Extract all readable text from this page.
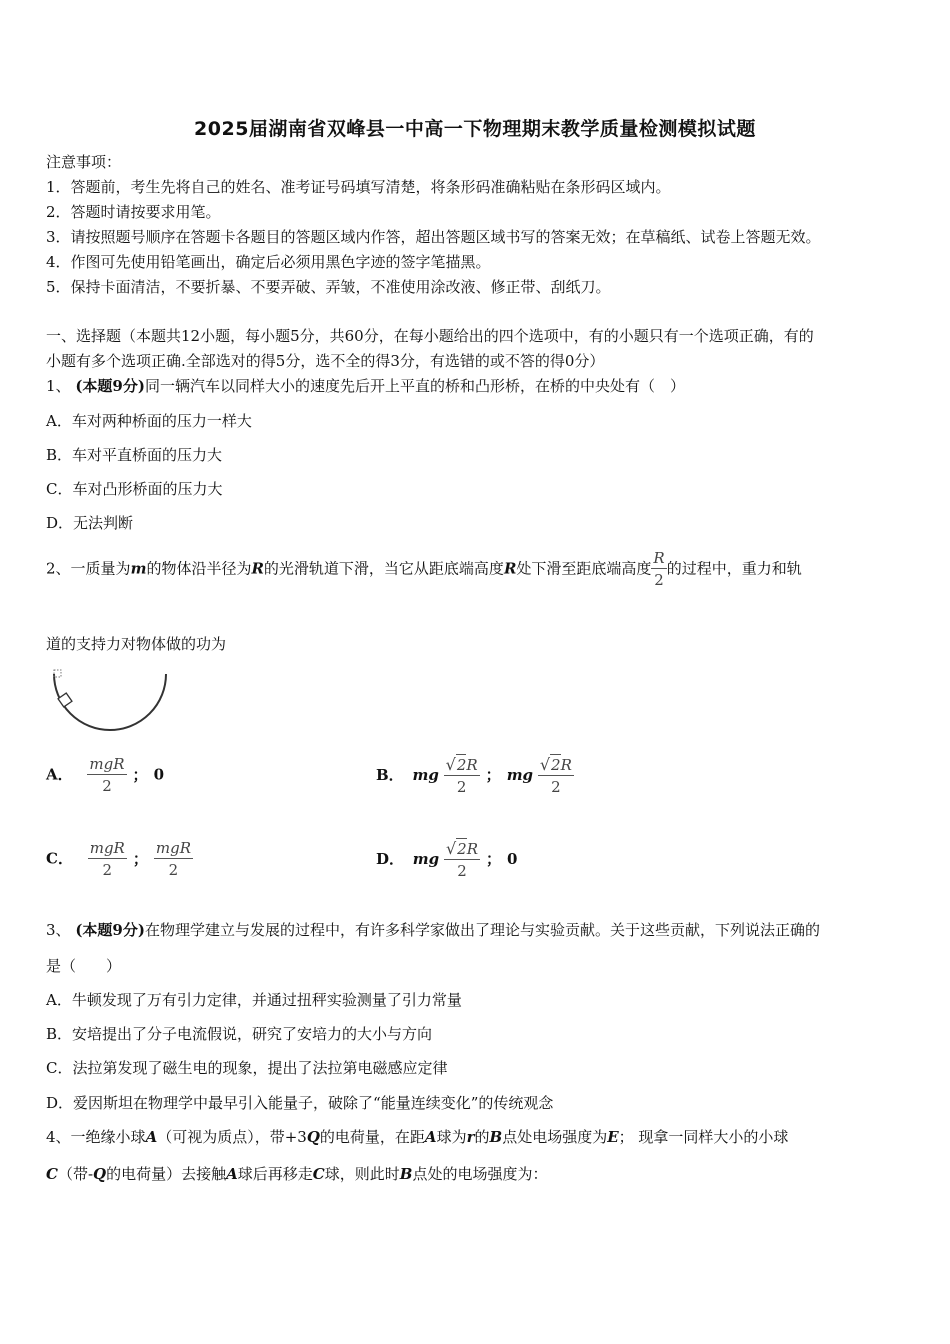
2025届湖南省双峰县一中高一下物理期末教学质量检测模拟试题
注意事项：
1．答题前，考生先将自己的姓名、准考证号码填写清楚，将条形码准确粘贴在条形码区域内。
2．答题时请按要求用笔。
3．请按照题号顺序在答题卡各题目的答题区域内作答，超出答题区域书写的答案无效；在草稿纸、试卷上答题无效。
4．作图可先使用铅笔画出，确定后必须用黑色字迹的签字笔描黑。
5．保持卡面清洁，不要折暴、不要弄破、弄皱，不准使用涂改液、修正带、刮纸刀。
一、选择题（本题共12小题，每小题5分，共60分，在每小题给出的四个选项中，有的小题只有一个选项正确，有的
小题有多个选项正确.全部选对的得5分，选不全的得3分，有选错的或不答的得0分）
1、 (本题9分)同一辆汽车以同样大小的速度先后开上平直的桥和凸形桥，在桥的中央处有（　）
A．车对两种桥面的压力一样大
B．车对平直桥面的压力大
C．车对凸形桥面的压力大
D．无法判断
2、一质量为m的物体沿半径为R的光滑轨道下滑，当它从距底端高度R处下滑至距底端高度 $\frac{R}{2}$ 的过程中，重力和轨
道的支持力对物体做的功为
A． $\frac{\text{mgR}}{2}$ ； 0	B． mg $\frac{√2R}{2}$ ； mg $\frac{√2R}{2}$
C． $\frac{\text{mgR}}{2}$ ； $\frac{\text{mgR}}{2}$	D． mg $\frac{√2R}{2}$ ； 0
3、 (本题9分)在物理学建立与发展的过程中，有许多科学家做出了理论与实验贡献。关于这些贡献，下列说法正确的
是（　　）
A．牛顿发现了万有引力定律，并通过扭秤实验测量了引力常量
B．安培提出了分子电流假说，研究了安培力的大小与方向
C．法拉第发现了磁生电的现象，提出了法拉第电磁感应定律
D．爱因斯坦在物理学中最早引入能量子，破除了“能量连续变化”的传统观念
4、一绝缘小球A（可视为质点），带+3Q的电荷量，在距A球为r的B点处电场强度为E； 现拿一同样大小的小球
C（带-Q的电荷量）去接触A球后再移走C球，则此时B点处的电场强度为：
